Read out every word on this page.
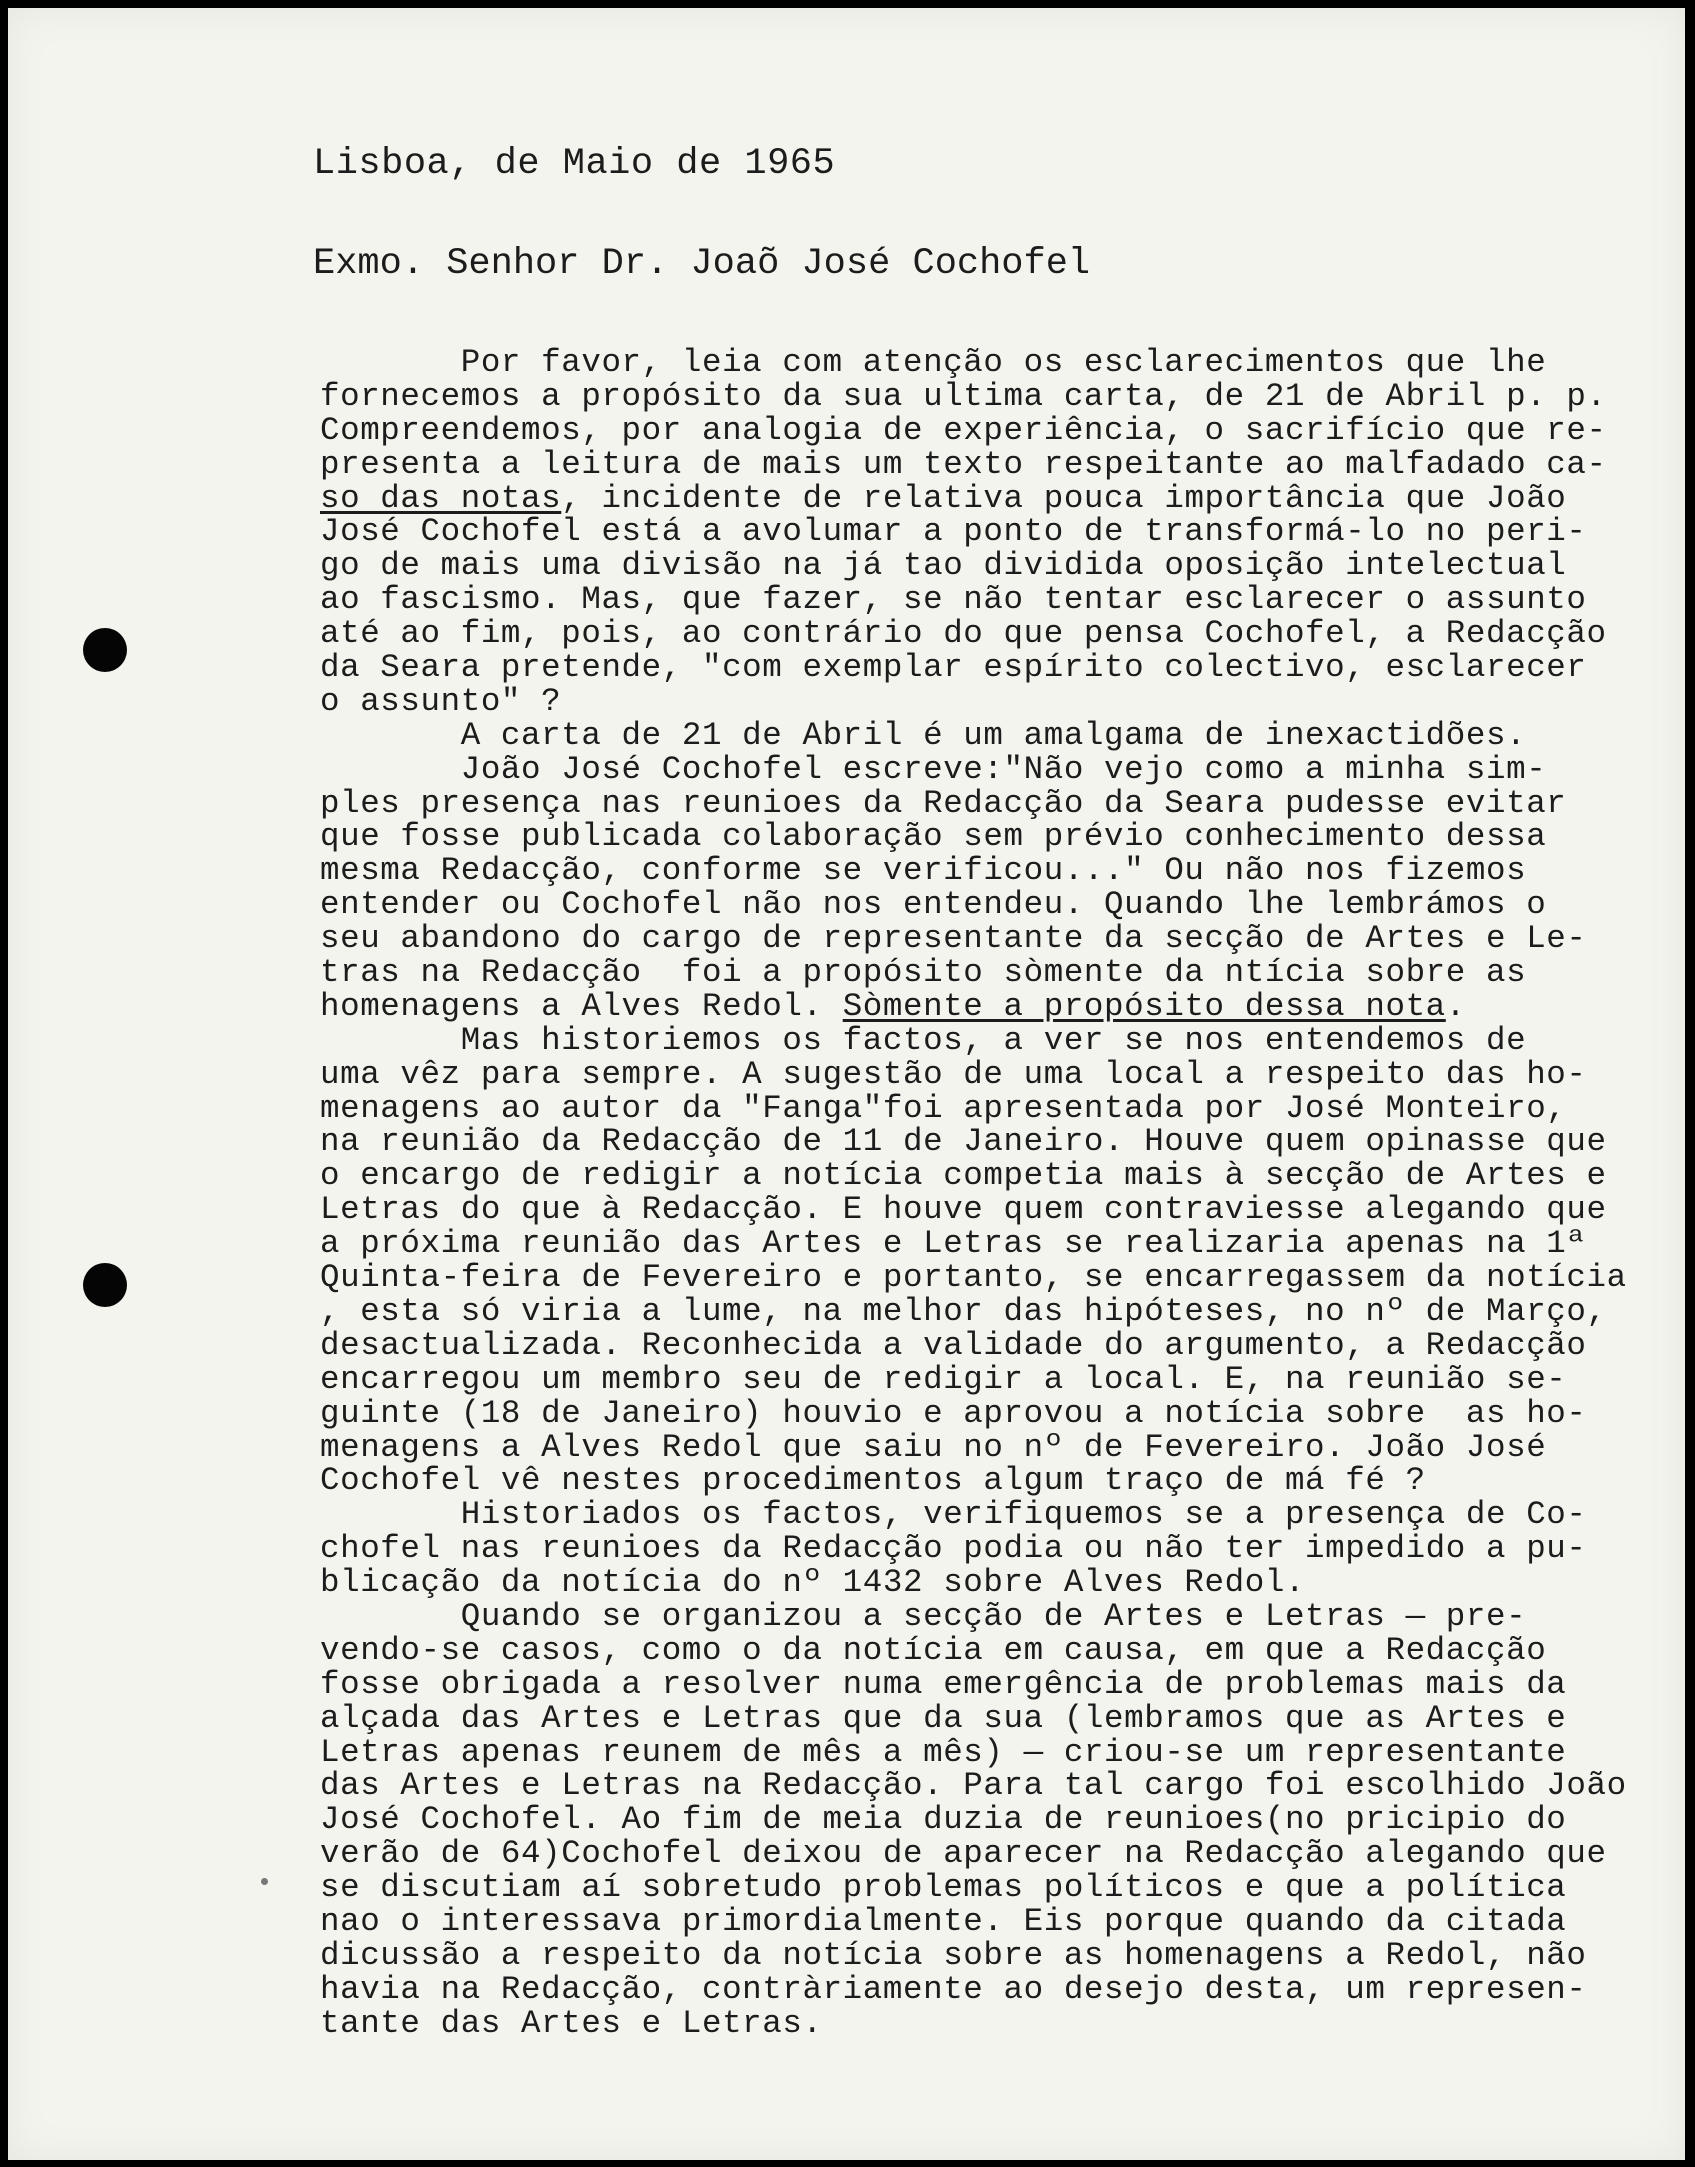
Lisboa, de Maio de 1965
Exmo. Senhor Dr. Joaõ José Cochofel
Por favor, leia com atenção os esclarecimentos que lhe
fornecemos a propósito da sua ultima carta, de 21 de Abril p. p.
Compreendemos, por analogia de experiência, o sacrifício que re-
presenta a leitura de mais um texto respeitante ao malfadado ca-
so das notas, incidente de relativa pouca importância que João
José Cochofel está a avolumar a ponto de transformá-lo no peri-
go de mais uma divisão na já tao dividida oposição intelectual
ao fascismo. Mas, que fazer, se não tentar esclarecer o assunto
até ao fim, pois, ao contrário do que pensa Cochofel, a Redacção
da Seara pretende, "com exemplar espírito colectivo, esclarecer
o assunto" ?
A carta de 21 de Abril é um amalgama de inexactidões.
João José Cochofel escreve:"Não vejo como a minha sim-
ples presença nas reunioes da Redacção da Seara pudesse evitar
que fosse publicada colaboração sem prévio conhecimento dessa
mesma Redacção, conforme se verificou..." Ou não nos fizemos
entender ou Cochofel não nos entendeu. Quando lhe lembrámos o
seu abandono do cargo de representante da secção de Artes e Le-
tras na Redacção  foi a propósito sòmente da ntícia sobre as
homenagens a Alves Redol. Sòmente a propósito dessa nota.
Mas historiemos os factos, a ver se nos entendemos de
uma vêz para sempre. A sugestão de uma local a respeito das ho-
menagens ao autor da "Fanga"foi apresentada por José Monteiro,
na reunião da Redacção de 11 de Janeiro. Houve quem opinasse que
o encargo de redigir a notícia competia mais à secção de Artes e
Letras do que à Redacção. E houve quem contraviesse alegando que
a próxima reunião das Artes e Letras se realizaria apenas na 1ª
Quinta-feira de Fevereiro e portanto, se encarregassem da notícia
, esta só viria a lume, na melhor das hipóteses, no nº de Março,
desactualizada. Reconhecida a validade do argumento, a Redacção
encarregou um membro seu de redigir a local. E, na reunião se-
guinte (18 de Janeiro) houvio e aprovou a notícia sobre  as ho-
menagens a Alves Redol que saiu no nº de Fevereiro. João José
Cochofel vê nestes procedimentos algum traço de má fé ?
Historiados os factos, verifiquemos se a presença de Co-
chofel nas reunioes da Redacção podia ou não ter impedido a pu-
blicação da notícia do nº 1432 sobre Alves Redol.
Quando se organizou a secção de Artes e Letras — pre-
vendo-se casos, como o da notícia em causa, em que a Redacção
fosse obrigada a resolver numa emergência de problemas mais da
alçada das Artes e Letras que da sua (lembramos que as Artes e
Letras apenas reunem de mês a mês) — criou-se um representante
das Artes e Letras na Redacção. Para tal cargo foi escolhido João
José Cochofel. Ao fim de meia duzia de reunioes(no pricipio do
verão de 64)Cochofel deixou de aparecer na Redacção alegando que
se discutiam aí sobretudo problemas políticos e que a política
nao o interessava primordialmente. Eis porque quando da citada
dicussão a respeito da notícia sobre as homenagens a Redol, não
havia na Redacção, contràriamente ao desejo desta, um represen-
tante das Artes e Letras.
